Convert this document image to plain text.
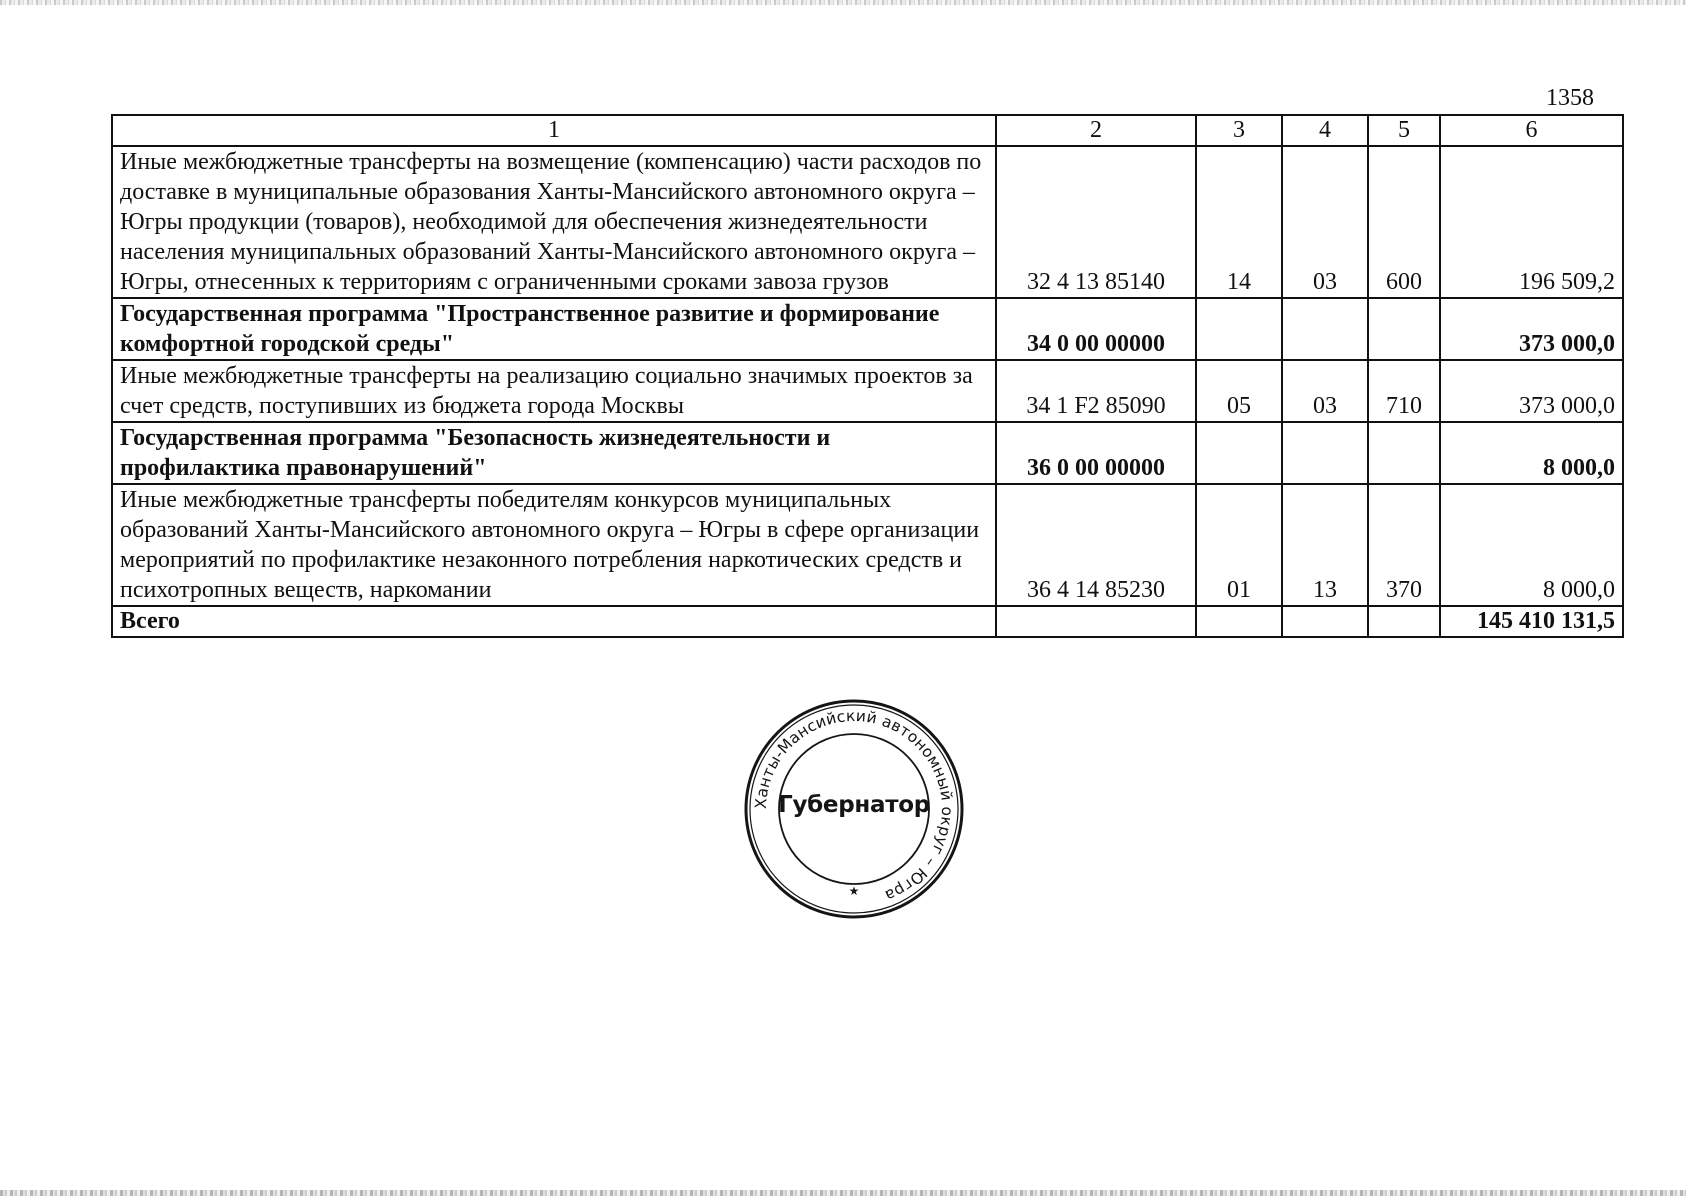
1358
1	2	3	4	5	6
Иные межбюджетные трансферты на возмещение (компенсацию) части расходов по доставке в муниципальные образования Ханты-Мансийского автономного округа – Югры продукции (товаров), необходимой для обеспечения жизнедеятельности населения муниципальных образований Ханты-Мансийского автономного округа – Югры, отнесенных к территориям с ограниченными сроками завоза грузов	32 4 13 85140	14	03	600	196 509,2
Государственная программа "Пространственное развитие и формирование комфортной городской среды"	34 0 00 00000				373 000,0
Иные межбюджетные трансферты на реализацию социально значимых проектов за счет средств, поступивших из бюджета города Москвы	34 1 F2 85090	05	03	710	373 000,0
Государственная программа "Безопасность жизнедеятельности и профилактика правонарушений"	36 0 00 00000				8 000,0
Иные межбюджетные трансферты победителям конкурсов муниципальных образований Ханты-Мансийского автономного округа – Югры в сфере организации мероприятий по профилактике незаконного потребления наркотических средств и психотропных веществ, наркомании	36 4 14 85230	01	13	370	8 000,0
Всего					145 410 131,5
Ханты-Мансийский автономный округ – Югра
Губернатор
★
